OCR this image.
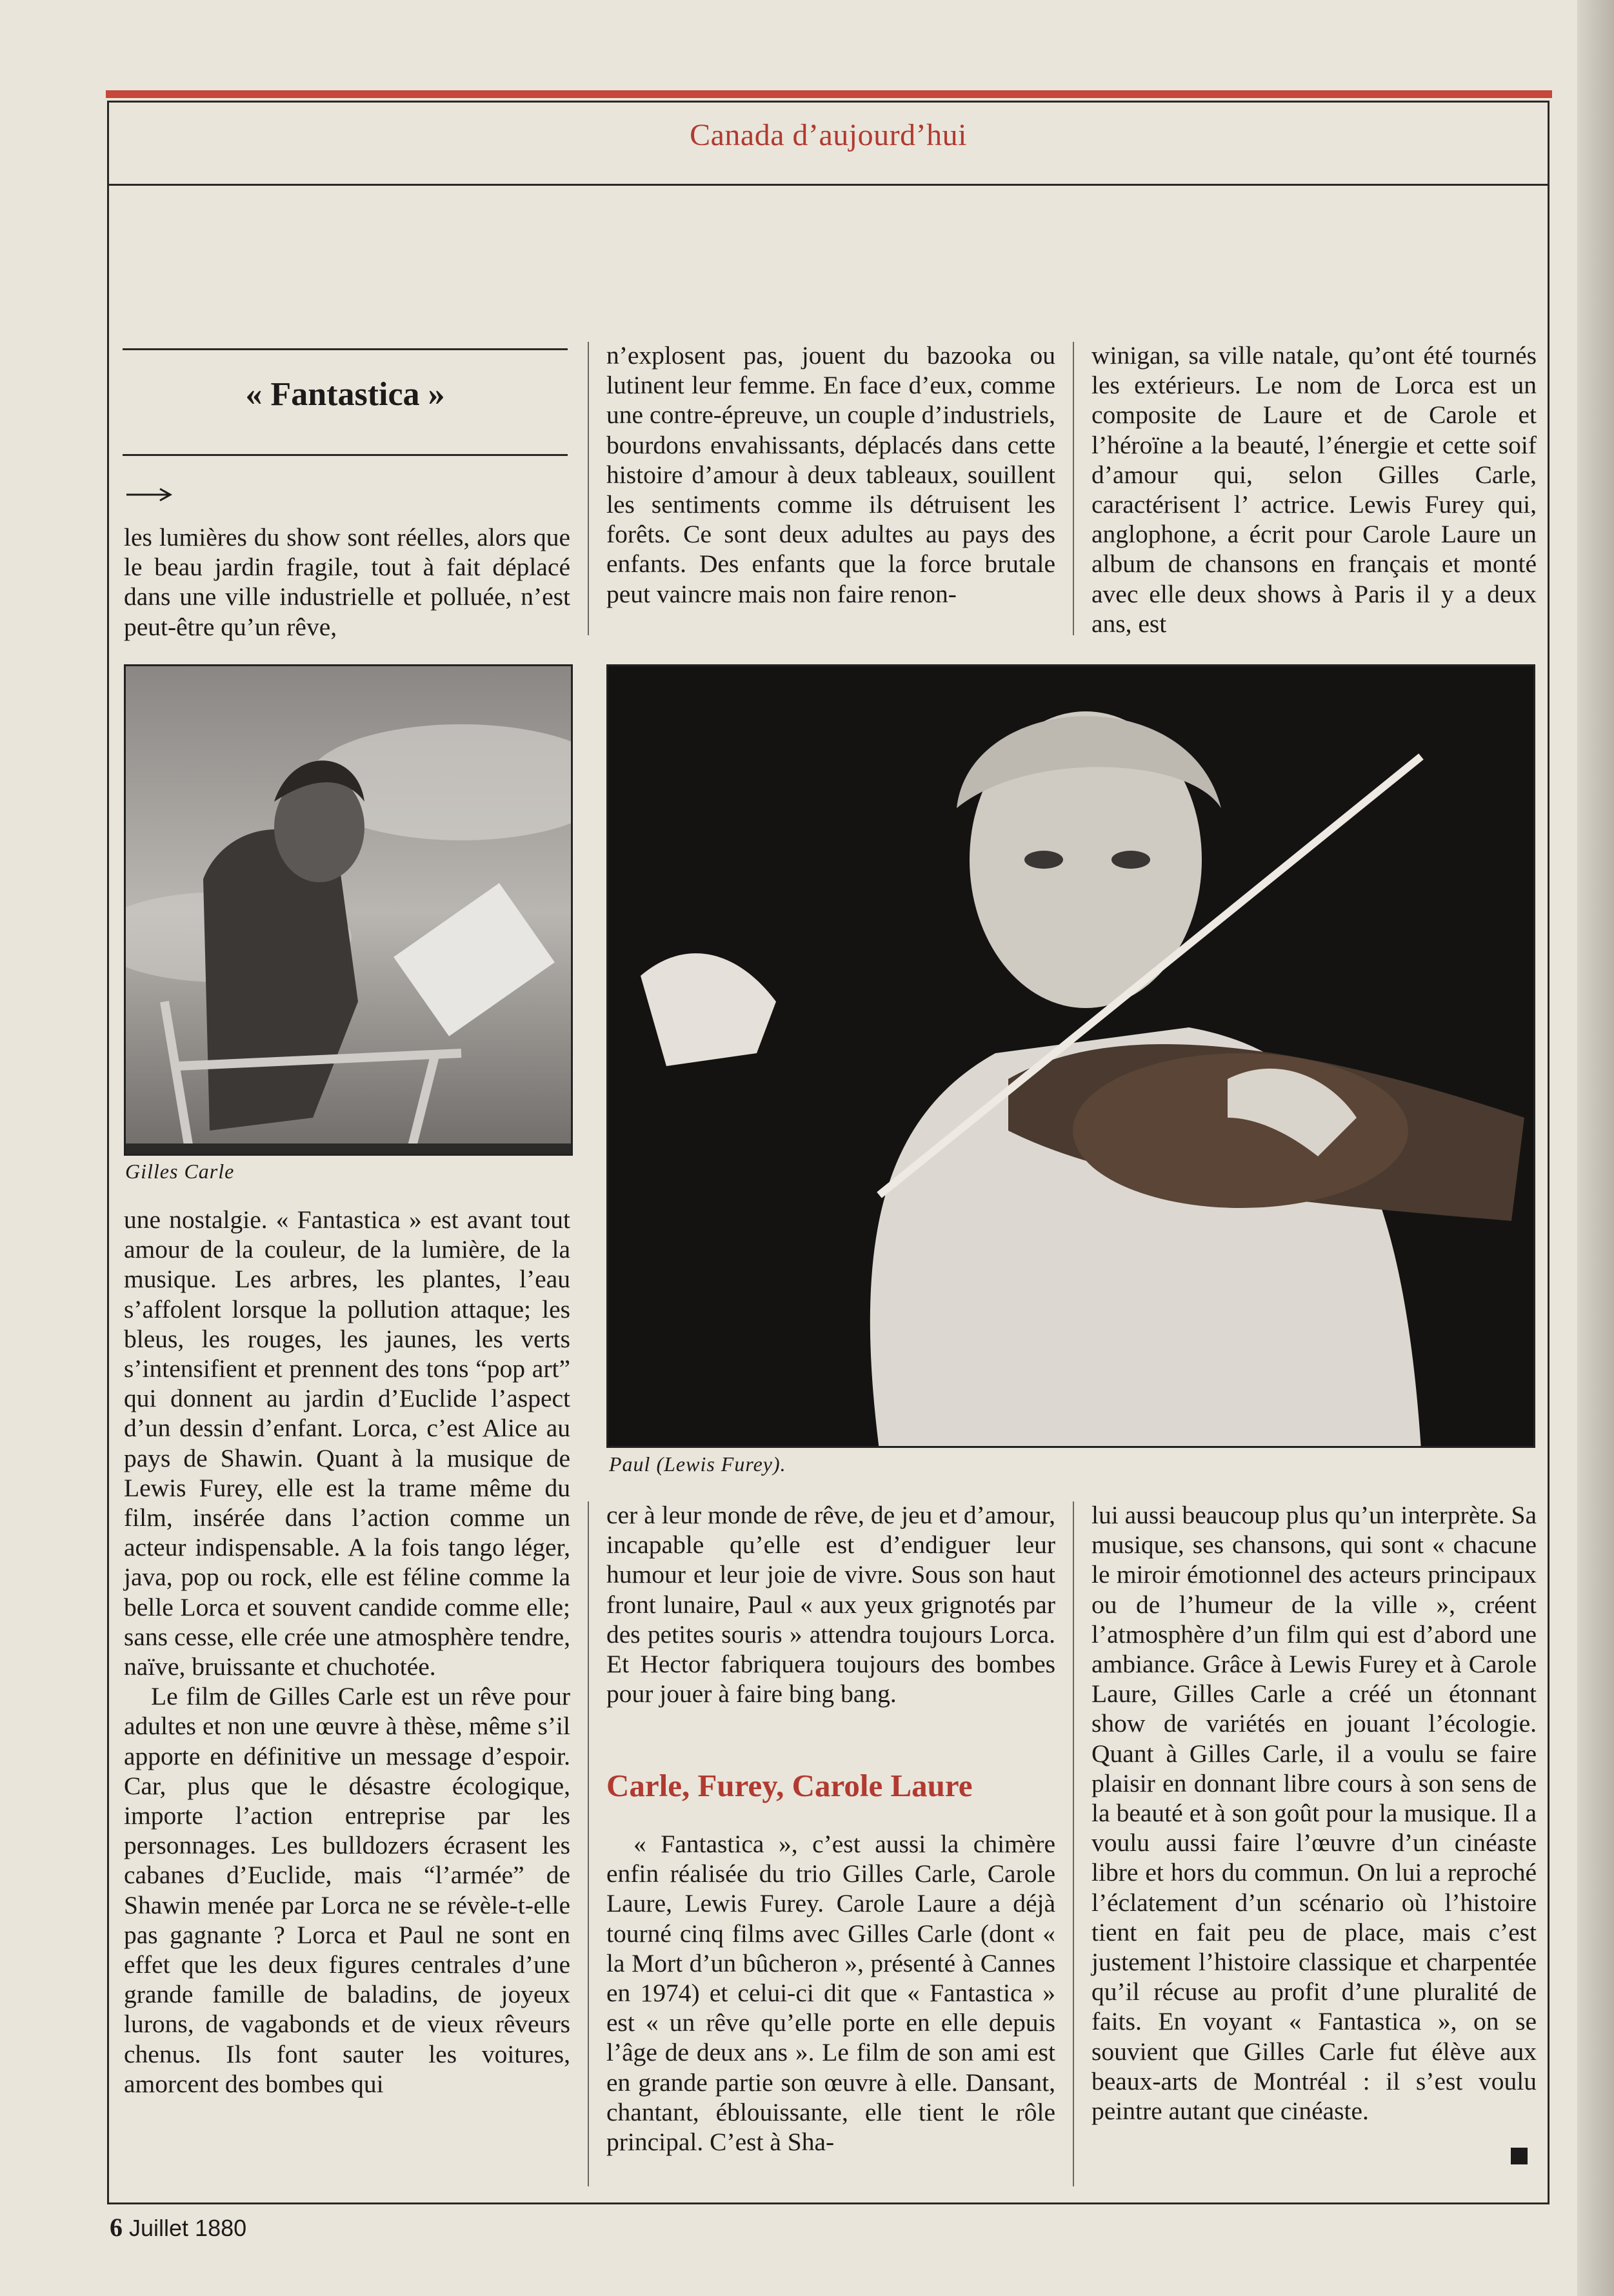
Canada d’aujourd’hui
« Fantastica »

les lumières du show sont réelles, alors que le beau jardin fragile, tout à fait déplacé dans une ville industrielle et polluée, n’est peut-être qu’un rêve,

n’explosent pas, jouent du bazooka ou lutinent leur femme. En face d’eux, comme une contre-épreuve, un couple d’industriels, bourdons envahissants, déplacés dans cette histoire d’amour à deux tableaux, souillent les sentiments comme ils détruisent les forêts. Ce sont deux adultes au pays des enfants. Des enfants que la force brutale peut vaincre mais non faire renon-

winigan, sa ville natale, qu’ont été tournés les extérieurs. Le nom de Lorca est un composite de Laure et de Carole et l’héroïne a la beauté, l’énergie et cette soif d’amour qui, selon Gilles Carle, caractérisent l’ actrice. Lewis Furey qui, anglophone, a écrit pour Carole Laure un album de chansons en français et monté avec elle deux shows à Paris il y a deux ans, est

Gilles Carle
Paul (Lewis Furey).

une nostalgie. « Fantastica » est avant tout amour de la couleur, de la lumière, de la musique. Les arbres, les plantes, l’eau s’affolent lorsque la pollution attaque; les bleus, les rouges, les jaunes, les verts s’intensifient et prennent des tons “pop art” qui donnent au jardin d’Euclide l’aspect d’un dessin d’enfant. Lorca, c’est Alice au pays de Shawin. Quant à la musique de Lewis Furey, elle est la trame même du film, insérée dans l’action comme un acteur indispensable. A la fois tango léger, java, pop ou rock, elle est féline comme la belle Lorca et souvent candide comme elle; sans cesse, elle crée une atmosphère tendre, naïve, bruissante et chuchotée.

Le film de Gilles Carle est un rêve pour adultes et non une œuvre à thèse, même s’il apporte en définitive un message d’espoir. Car, plus que le désastre écologique, importe l’action entreprise par les personnages. Les bulldozers écrasent les cabanes d’Euclide, mais “l’armée” de Shawin menée par Lorca ne se révèle-t-elle pas gagnante ? Lorca et Paul ne sont en effet que les deux figures centrales d’une grande famille de baladins, de joyeux lurons, de vagabonds et de vieux rêveurs chenus. Ils font sauter les voitures, amorcent des bombes qui

cer à leur monde de rêve, de jeu et d’amour, incapable qu’elle est d’endiguer leur humour et leur joie de vivre. Sous son haut front lunaire, Paul « aux yeux grignotés par des petites souris » attendra toujours Lorca. Et Hector fabriquera toujours des bombes pour jouer à faire bing bang.

Carle, Furey, Carole Laure

« Fantastica », c’est aussi la chimère enfin réalisée du trio Gilles Carle, Carole Laure, Lewis Furey. Carole Laure a déjà tourné cinq films avec Gilles Carle (dont « la Mort d’un bûcheron », présenté à Cannes en 1974) et celui-ci dit que « Fantastica » est « un rêve qu’elle porte en elle depuis l’âge de deux ans ». Le film de son ami est en grande partie son œuvre à elle. Dansant, chantant, éblouissante, elle tient le rôle principal. C’est à Sha-

lui aussi beaucoup plus qu’un interprète. Sa musique, ses chansons, qui sont « chacune le miroir émotionnel des acteurs principaux ou de l’humeur de la ville », créent l’atmosphère d’un film qui est d’abord une ambiance. Grâce à Lewis Furey et à Carole Laure, Gilles Carle a créé un étonnant show de variétés en jouant l’écologie. Quant à Gilles Carle, il a voulu se faire plaisir en donnant libre cours à son sens de la beauté et à son goût pour la musique. Il a voulu aussi faire l’œuvre d’un cinéaste libre et hors du commun. On lui a reproché l’éclatement d’un scénario où l’histoire tient en fait peu de place, mais c’est justement l’histoire classique et charpentée qu’il récuse au profit d’une pluralité de faits. En voyant « Fantastica », on se souvient que Gilles Carle fut élève aux beaux-arts de Montréal : il s’est voulu peintre autant que cinéaste.

6 Juillet 1880
